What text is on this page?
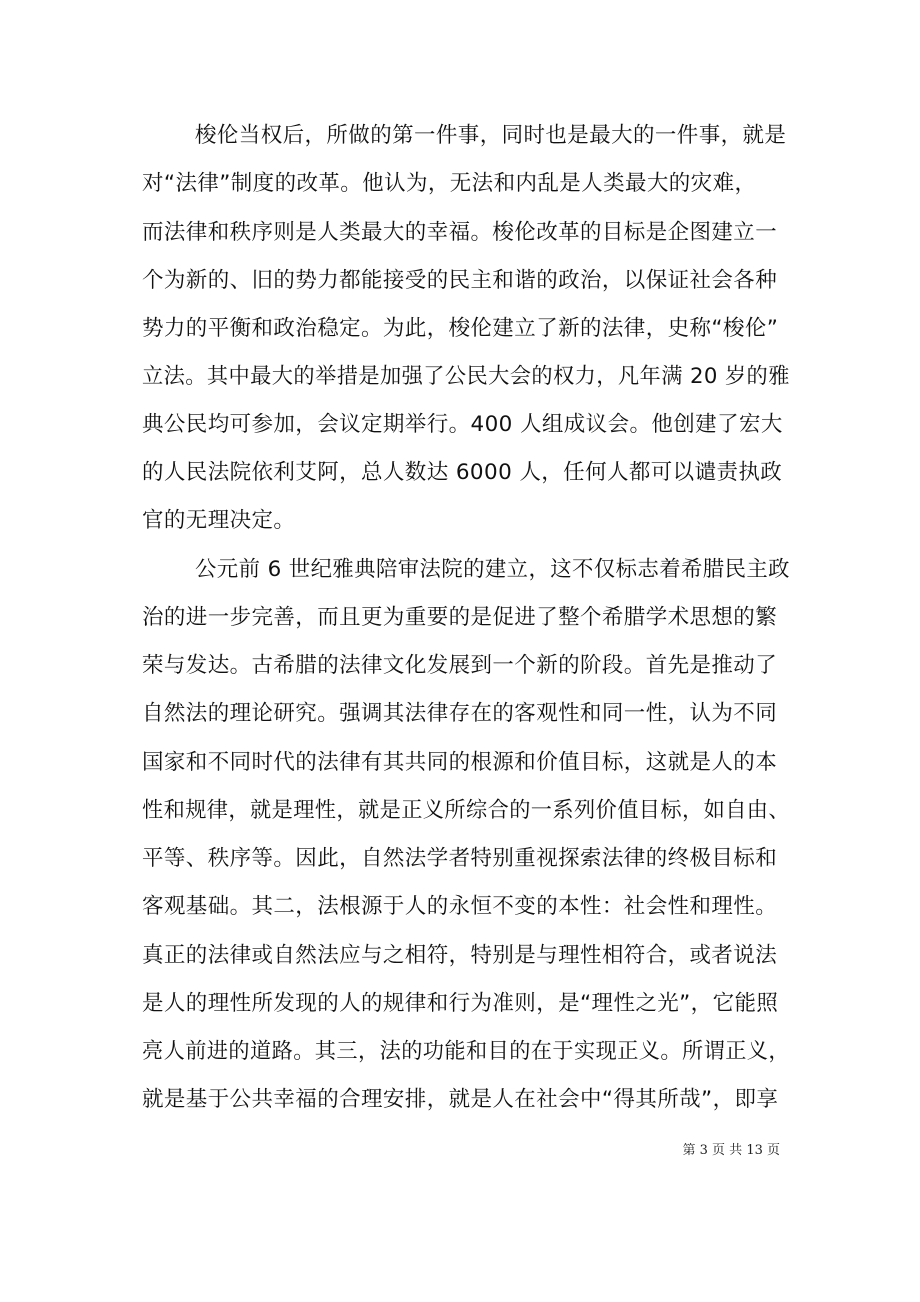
梭伦当权后，所做的第一件事，同时也是最大的一件事，就是
对“法律”制度的改革。他认为，无法和内乱是人类最大的灾难，
而法律和秩序则是人类最大的幸福。梭伦改革的目标是企图建立一
个为新的、旧的势力都能接受的民主和谐的政治，以保证社会各种
势力的平衡和政治稳定。为此，梭伦建立了新的法律，史称“梭伦”
立法。其中最大的举措是加强了公民大会的权力，凡年满 20 岁的雅
典公民均可参加，会议定期举行。400 人组成议会。他创建了宏大
的人民法院依利艾阿，总人数达 6000 人，任何人都可以谴责执政
官的无理决定。
公元前 6 世纪雅典陪审法院的建立，这不仅标志着希腊民主政
治的进一步完善，而且更为重要的是促进了整个希腊学术思想的繁
荣与发达。古希腊的法律文化发展到一个新的阶段。首先是推动了
自然法的理论研究。强调其法律存在的客观性和同一性，认为不同
国家和不同时代的法律有其共同的根源和价值目标，这就是人的本
性和规律，就是理性，就是正义所综合的一系列价值目标，如自由、
平等、秩序等。因此，自然法学者特别重视探索法律的终极目标和
客观基础。其二，法根源于人的永恒不变的本性：社会性和理性。
真正的法律或自然法应与之相符，特别是与理性相符合，或者说法
是人的理性所发现的人的规律和行为准则，是“理性之光”，它能照
亮人前进的道路。其三，法的功能和目的在于实现正义。所谓正义，
就是基于公共幸福的合理安排，就是人在社会中“得其所哉”，即享
第 3 页 共 13 页
